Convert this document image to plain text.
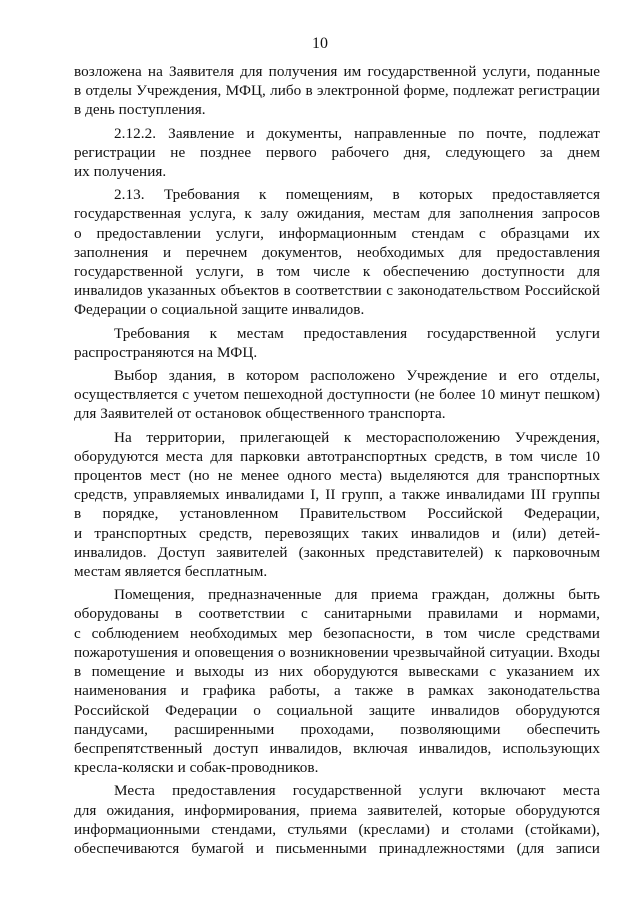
10

возложена на Заявителя для получения им государственной услуги, поданные
в отделы Учреждения, МФЦ, либо в электронной форме, подлежат регистрации
в день поступления.

2.12.2. Заявление и документы, направленные по почте, подлежат
регистрации не позднее первого рабочего дня, следующего за днем
их получения.

2.13. Требования к помещениям, в которых предоставляется
государственная услуга, к залу ожидания, местам для заполнения запросов
о предоставлении услуги, информационным стендам с образцами их
заполнения и перечнем документов, необходимых для предоставления
государственной услуги, в том числе к обеспечению доступности для
инвалидов указанных объектов в соответствии с законодательством Российской
Федерации о социальной защите инвалидов.

Требования к местам предоставления государственной услуги
распространяются на МФЦ.

Выбор здания, в котором расположено Учреждение и его отделы,
осуществляется с учетом пешеходной доступности (не более 10 минут пешком)
для Заявителей от остановок общественного транспорта.

На территории, прилегающей к месторасположению Учреждения,
оборудуются места для парковки автотранспортных средств, в том числе 10
процентов мест (но не менее одного места) выделяются для транспортных
средств, управляемых инвалидами I, II групп, а также инвалидами III группы
в порядке, установленном Правительством Российской Федерации,
и транспортных средств, перевозящих таких инвалидов и (или) детей-
инвалидов. Доступ заявителей (законных представителей) к парковочным
местам является бесплатным.

Помещения, предназначенные для приема граждан, должны быть
оборудованы в соответствии с санитарными правилами и нормами,
с соблюдением необходимых мер безопасности, в том числе средствами
пожаротушения и оповещения о возникновении чрезвычайной ситуации. Входы
в помещение и выходы из них оборудуются вывесками с указанием их
наименования и графика работы, а также в рамках законодательства
Российской Федерации о социальной защите инвалидов оборудуются
пандусами, расширенными проходами, позволяющими обеспечить
беспрепятственный доступ инвалидов, включая инвалидов, использующих
кресла-коляски и собак-проводников.

Места предоставления государственной услуги включают места
для ожидания, информирования, приема заявителей, которые оборудуются
информационными стендами, стульями (креслами) и столами (стойками),
обеспечиваются бумагой и письменными принадлежностями (для записи
